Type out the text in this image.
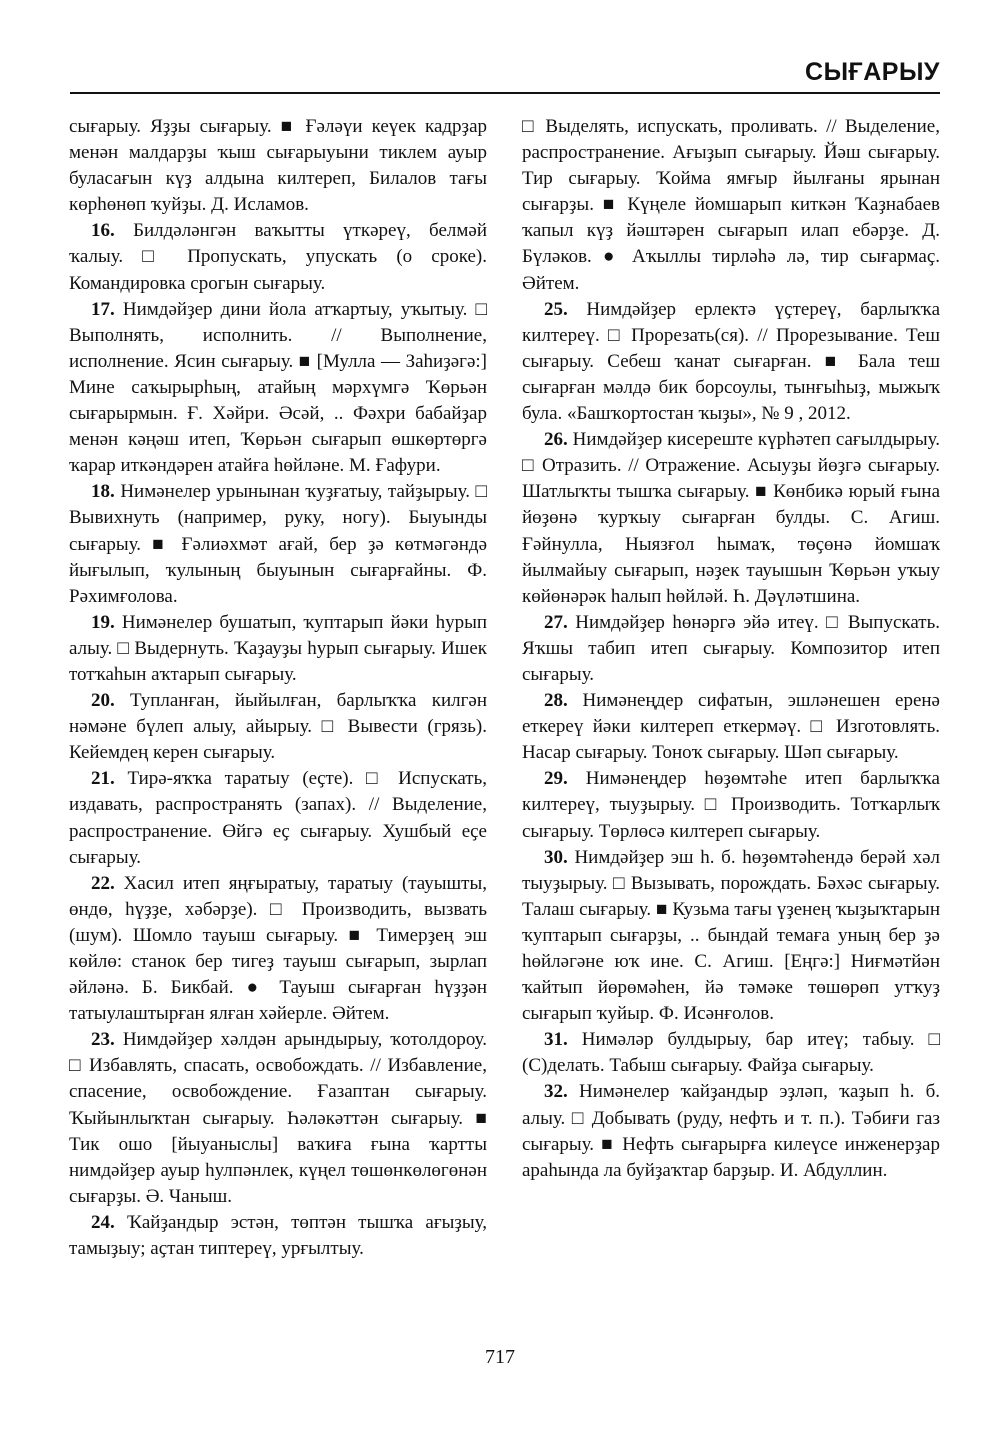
СЫҒАРЫУ

сығарыу. Яҙҙы сығарыу. ■ Ғәләүи кеүек кадрҙар менән малдарҙы ҡыш сығарыуыни тиклем ауыр буласағын күҙ алдына килтереп, Билалов тағы көрһөнөп ҡуйҙы. Д. Исламов.

16. Билдәләнгән ваҡытты үткәреү, белмәй ҡалыу. □ Пропускать, упускать (о сроке). Командировка срогын сығарыу.

17. Нимдәйҙер дини йола атҡартыу, уҡытыу. □ Выполнять, исполнить. // Выполнение, исполнение. Ясин сығарыу. ■ [Мулла — Заһиҙәгә:] Мине саҡырырһың, атайың мәрхүмгә Ҡөрьән сығарырмын. Ғ. Хәйри. Әсәй, .. Фәхри бабайҙар менән кәңәш итеп, Ҡөрьән сығарып өшкөртөргә ҡарар иткәндәрен атайға һөйләне. М. Ғафури.

18. Нимәнелер урынынан ҡуҙғатыу, тайҙырыу. □ Вывихнуть (например, руку, ногу). Быуынды сығарыу. ■ Ғәлиәхмәт ағай, бер ҙә көтмәгәндә йығылып, ҡулының быуынын сығарғайны. Ф. Рәхимғолова.

19. Нимәнелер бушатып, ҡуптарып йәки һурып алыу. □ Выдернуть. Ҡаҙауҙы һурып сығарыу. Ишек тотҡаһын аҡтарып сығарыу.

20. Тупланған, йыйылған, барлыҡҡа килгән нәмәне бүлеп алыу, айырыу. □ Вывести (грязь). Кейемдең керен сығарыу.

21. Тирә-яҡҡа таратыу (еҫте). □ Испускать, издавать, распространять (запах). // Выделение, распространение. Өйгә еҫ сығарыу. Хушбый еҫе сығарыу.

22. Хасил итеп яңғыратыу, таратыу (тауышты, өндө, һүҙҙе, хәбәрҙе). □ Производить, вызвать (шум). Шомло тауыш сығарыу. ■ Тимерҙең эш көйлө: станок бер тигеҙ тауыш сығарып, зырлап әйләнә. Б. Бикбай. ● Тауыш сығарған һүҙҙән татыулаштырған ялған хәйерле. Әйтем.

23. Нимдәйҙер хәлдән арындырыу, ҡотолдороу. □ Избавлять, спасать, освобождать. // Избавление, спасение, освобождение. Ғазаптан сығарыу. Ҡыйынлыҡтан сығарыу. Һәләкәттән сығарыу. ■ Тик ошо [йыуаныслы] ваҡиға ғына ҡартты нимдәйҙер ауыр һулпәнлек, күңел төшөнкөлөгөнән сығарҙы. Ә. Чаныш.

24. Ҡайҙандыр эстән, төптән тышҡа ағыҙыу, тамыҙыу; аҫтан типтереү, урғылтыу.

□ Выделять, испускать, проливать. // Выделение, распространение. Ағыҙып сығарыу. Йәш сығарыу. Тир сығарыу. Ҡойма ямғыр йылғаны ярынан сығарҙы. ■ Күңеле йомшарып киткән Ҡаҙнабаев ҡапыл күҙ йәштәрен сығарып илап ебәрҙе. Д. Бүләков. ● Аҡыллы тирләһә лә, тир сығармаҫ. Әйтем.

25. Нимдәйҙер ерлектә үҫтереү, барлыҡҡа килтереү. □ Прорезать(ся). // Прорезывание. Теш сығарыу. Себеш ҡанат сығарған. ■ Бала теш сығарған мәлдә бик борсоулы, тынғыһыҙ, мыжыҡ була. «Башҡортостан ҡыҙы», № 9 , 2012.

26. Нимдәйҙер кисереште күрһәтеп сағылдырыу. □ Отразить. // Отражение. Асыуҙы йөҙгә сығарыу. Шатлыҡты тышҡа сығарыу. ■ Көнбикә юрый ғына йөҙөнә ҡурҡыу сығарған булды. С. Агиш. Ғәйнулла, Ныязғол һымаҡ, төҫөнә йомшаҡ йылмайыу сығарып, нәҙек тауышын Ҡөрьән уҡыу көйөнәрәк һалып һөйләй. Һ. Дәүләтшина.

27. Нимдәйҙер һөнәргә эйә итеү. □ Выпускать. Яҡшы табип итеп сығарыу. Композитор итеп сығарыу.

28. Нимәнеңдер сифатын, эшләнешен еренә еткереү йәки килтереп еткермәү. □ Изготовлять. Насар сығарыу. Тоноҡ сығарыу. Шәп сығарыу.

29. Нимәнеңдер һөҙөмтәһе итеп барлыҡҡа килтереү, тыуҙырыу. □ Производить. Тотҡарлыҡ сығарыу. Төрлөсә килтереп сығарыу.

30. Нимдәйҙер эш һ. б. һөҙөмтәһендә берәй хәл тыуҙырыу. □ Вызывать, порождать. Бәхәс сығарыу. Талаш сығарыу. ■ Кузьма тағы үҙенең ҡыҙыҡтарын ҡуптарып сығарҙы, .. бындай темаға уның бер ҙә һөйләгәне юҡ ине. С. Агиш. [Еңгә:] Ниғмәтйән ҡайтып йөрөмәһен, йә тәмәке төшөрөп утҡуҙ сығарып ҡуйыр. Ф. Исәнғолов.

31. Нимәләр булдырыу, бар итеү; табыу. □ (С)делать. Табыш сығарыу. Файҙа сығарыу.

32. Нимәнелер ҡайҙандыр эҙләп, ҡаҙып һ. б. алыу. □ Добывать (руду, нефть и т. п.). Тәбиғи газ сығарыу. ■ Нефть сығарырға килеүсе инженерҙар араһында ла буйҙаҡтар барҙыр. И. Абдуллин.

717
